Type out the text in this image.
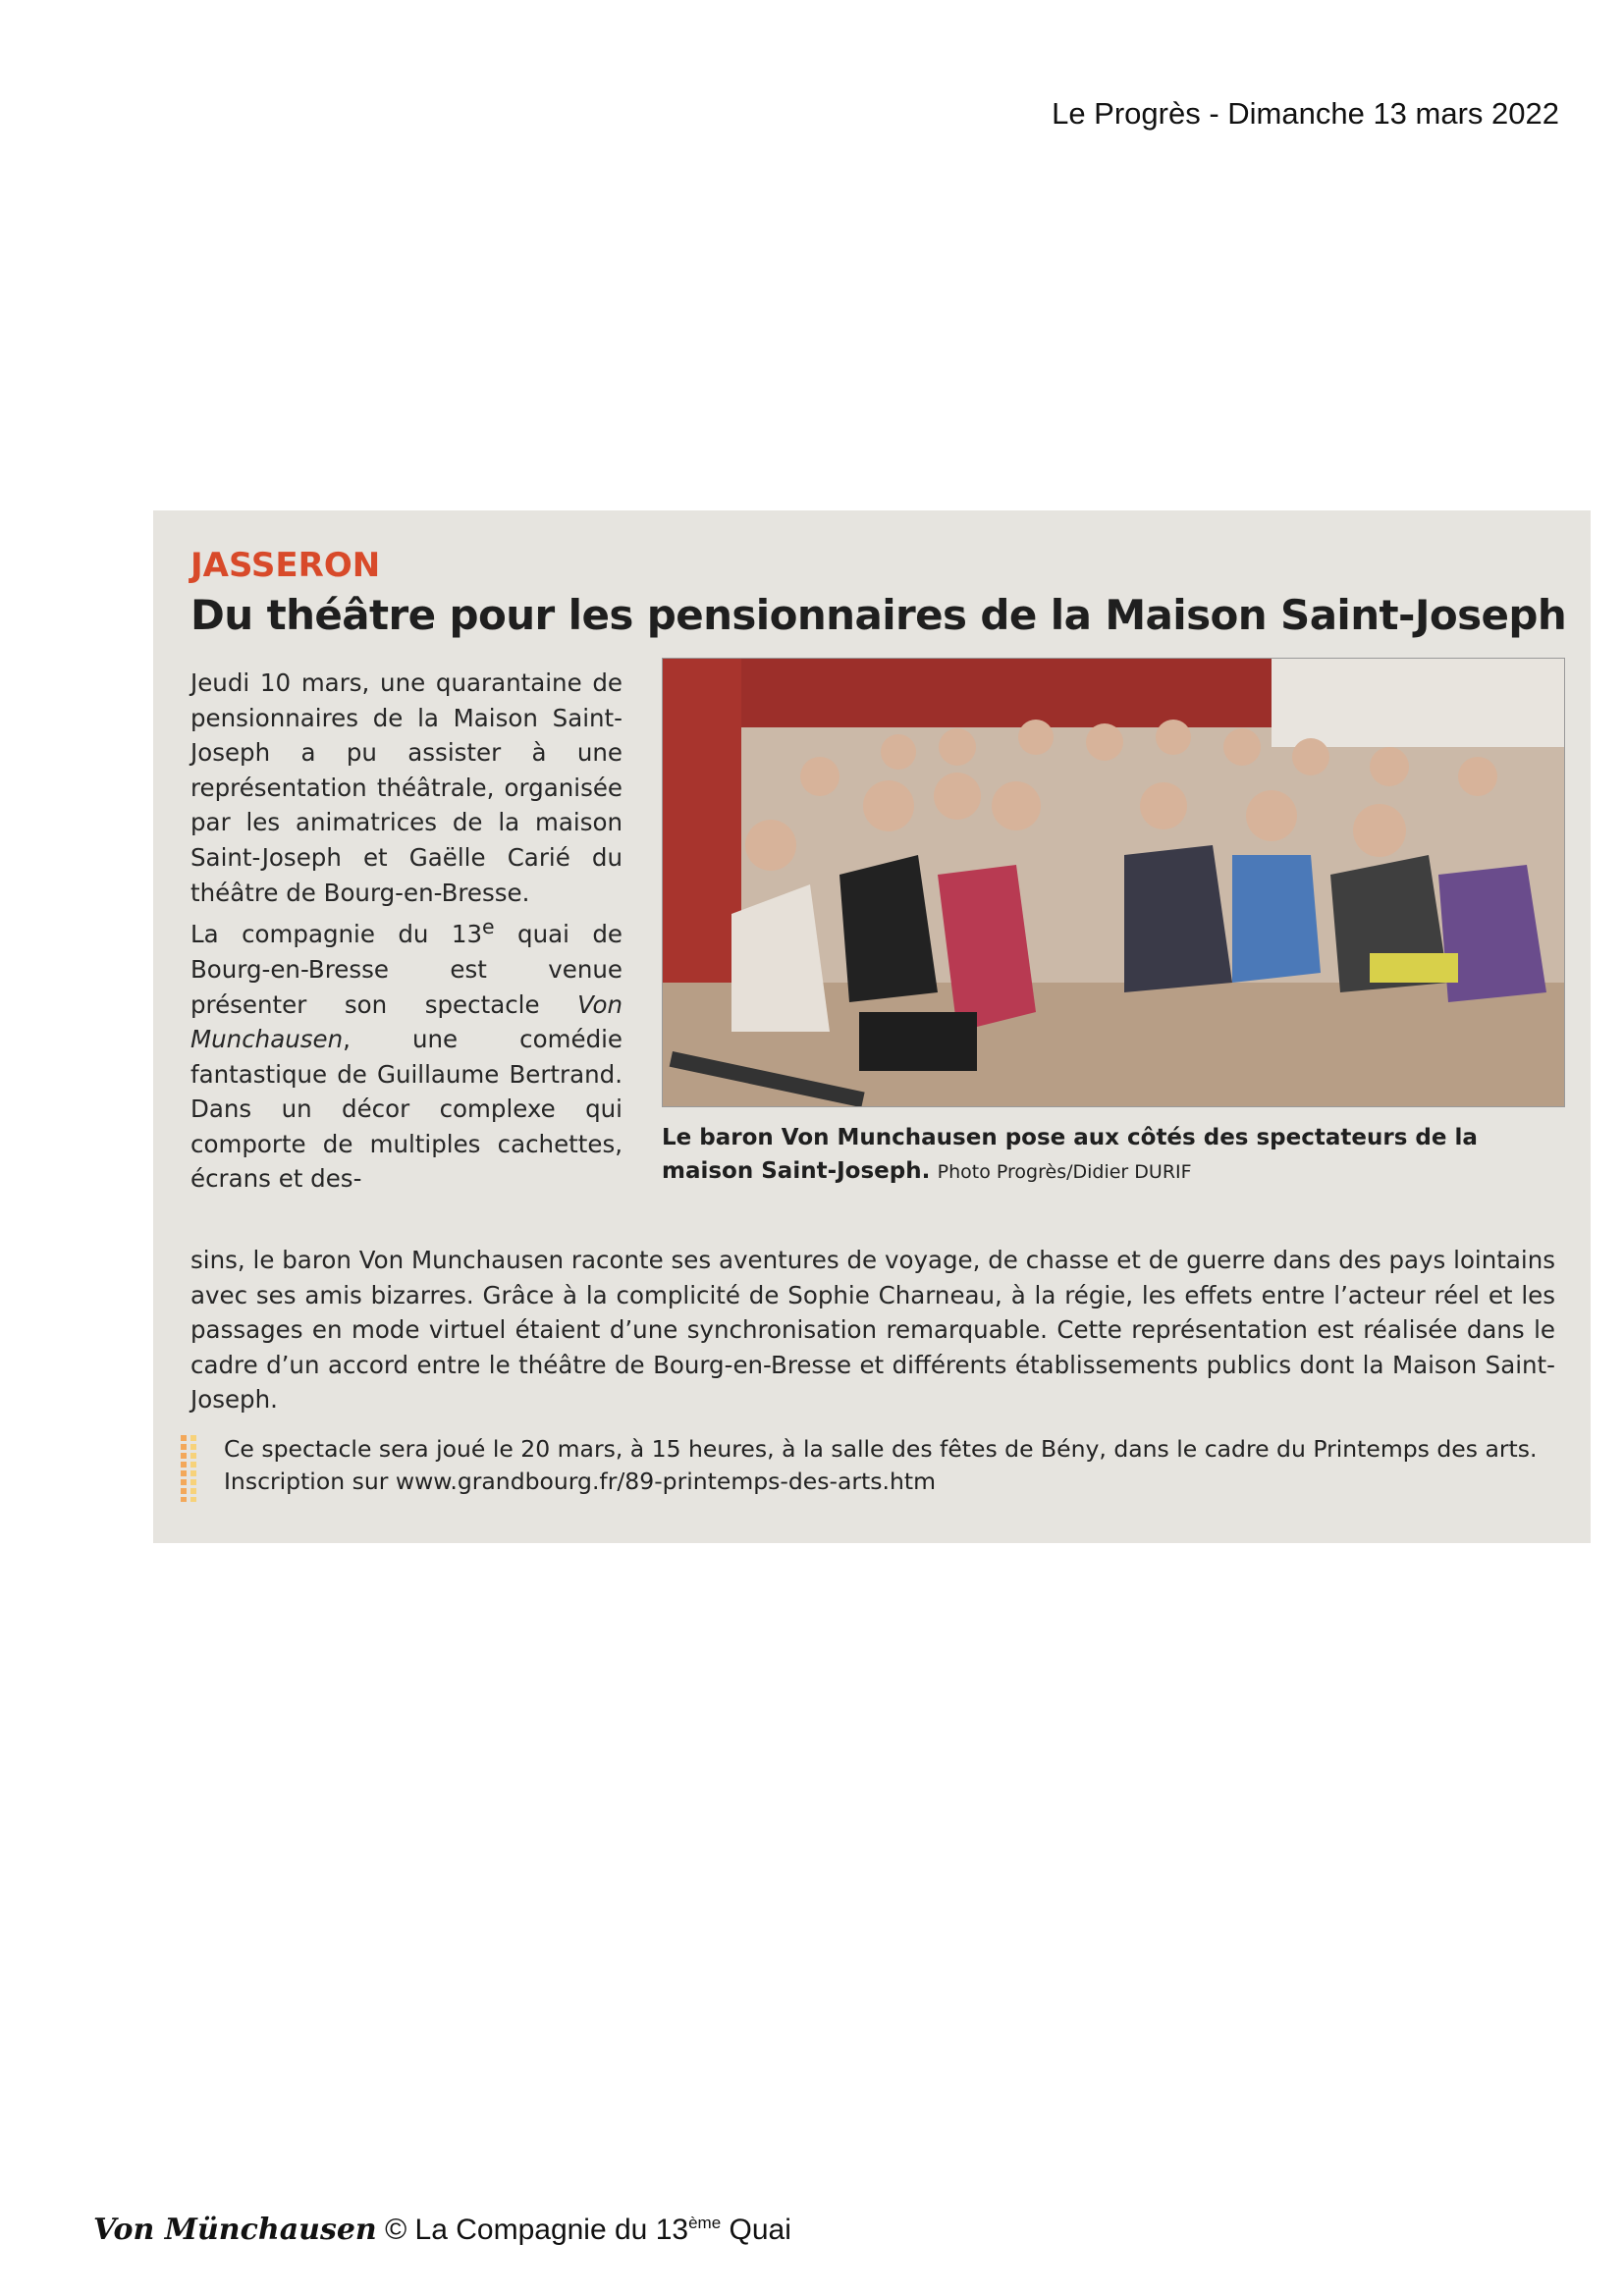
Le Progrès - Dimanche 13 mars 2022

JASSERON

Du théâtre pour les pensionnaires de la Maison Saint-Joseph

Jeudi 10 mars, une quarantaine de pensionnaires de la Maison Saint-Joseph a pu assister à une représentation théâtrale, organisée par les animatrices de la maison Saint-Joseph et Gaëlle Carié du théâtre de Bourg-en-Bresse.

La compagnie du 13e quai de Bourg-en-Bresse est venue présenter son spectacle Von Munchausen, une comédie fantastique de Guillaume Bertrand. Dans un décor complexe qui comporte de multiples cachettes, écrans et des-

Le baron Von Munchausen pose aux côtés des spectateurs de la maison Saint-Joseph. Photo Progrès/Didier DURIF

sins, le baron Von Munchausen raconte ses aventures de voyage, de chasse et de guerre dans des pays lointains avec ses amis bizarres. Grâce à la complicité de Sophie Charneau, à la régie, les effets entre l’acteur réel et les passages en mode virtuel étaient d’une synchronisation remarquable. Cette représentation est réalisée dans le cadre d’un accord entre le théâtre de Bourg-en-Bresse et différents établissements publics dont la Maison Saint-Joseph.

Ce spectacle sera joué le 20 mars, à 15 heures, à la salle des fêtes de Bény, dans le cadre du Printemps des arts. Inscription sur www.grandbourg.fr/89-printemps-des-arts.htm

Von Münchausen © La Compagnie du 13ème Quai
